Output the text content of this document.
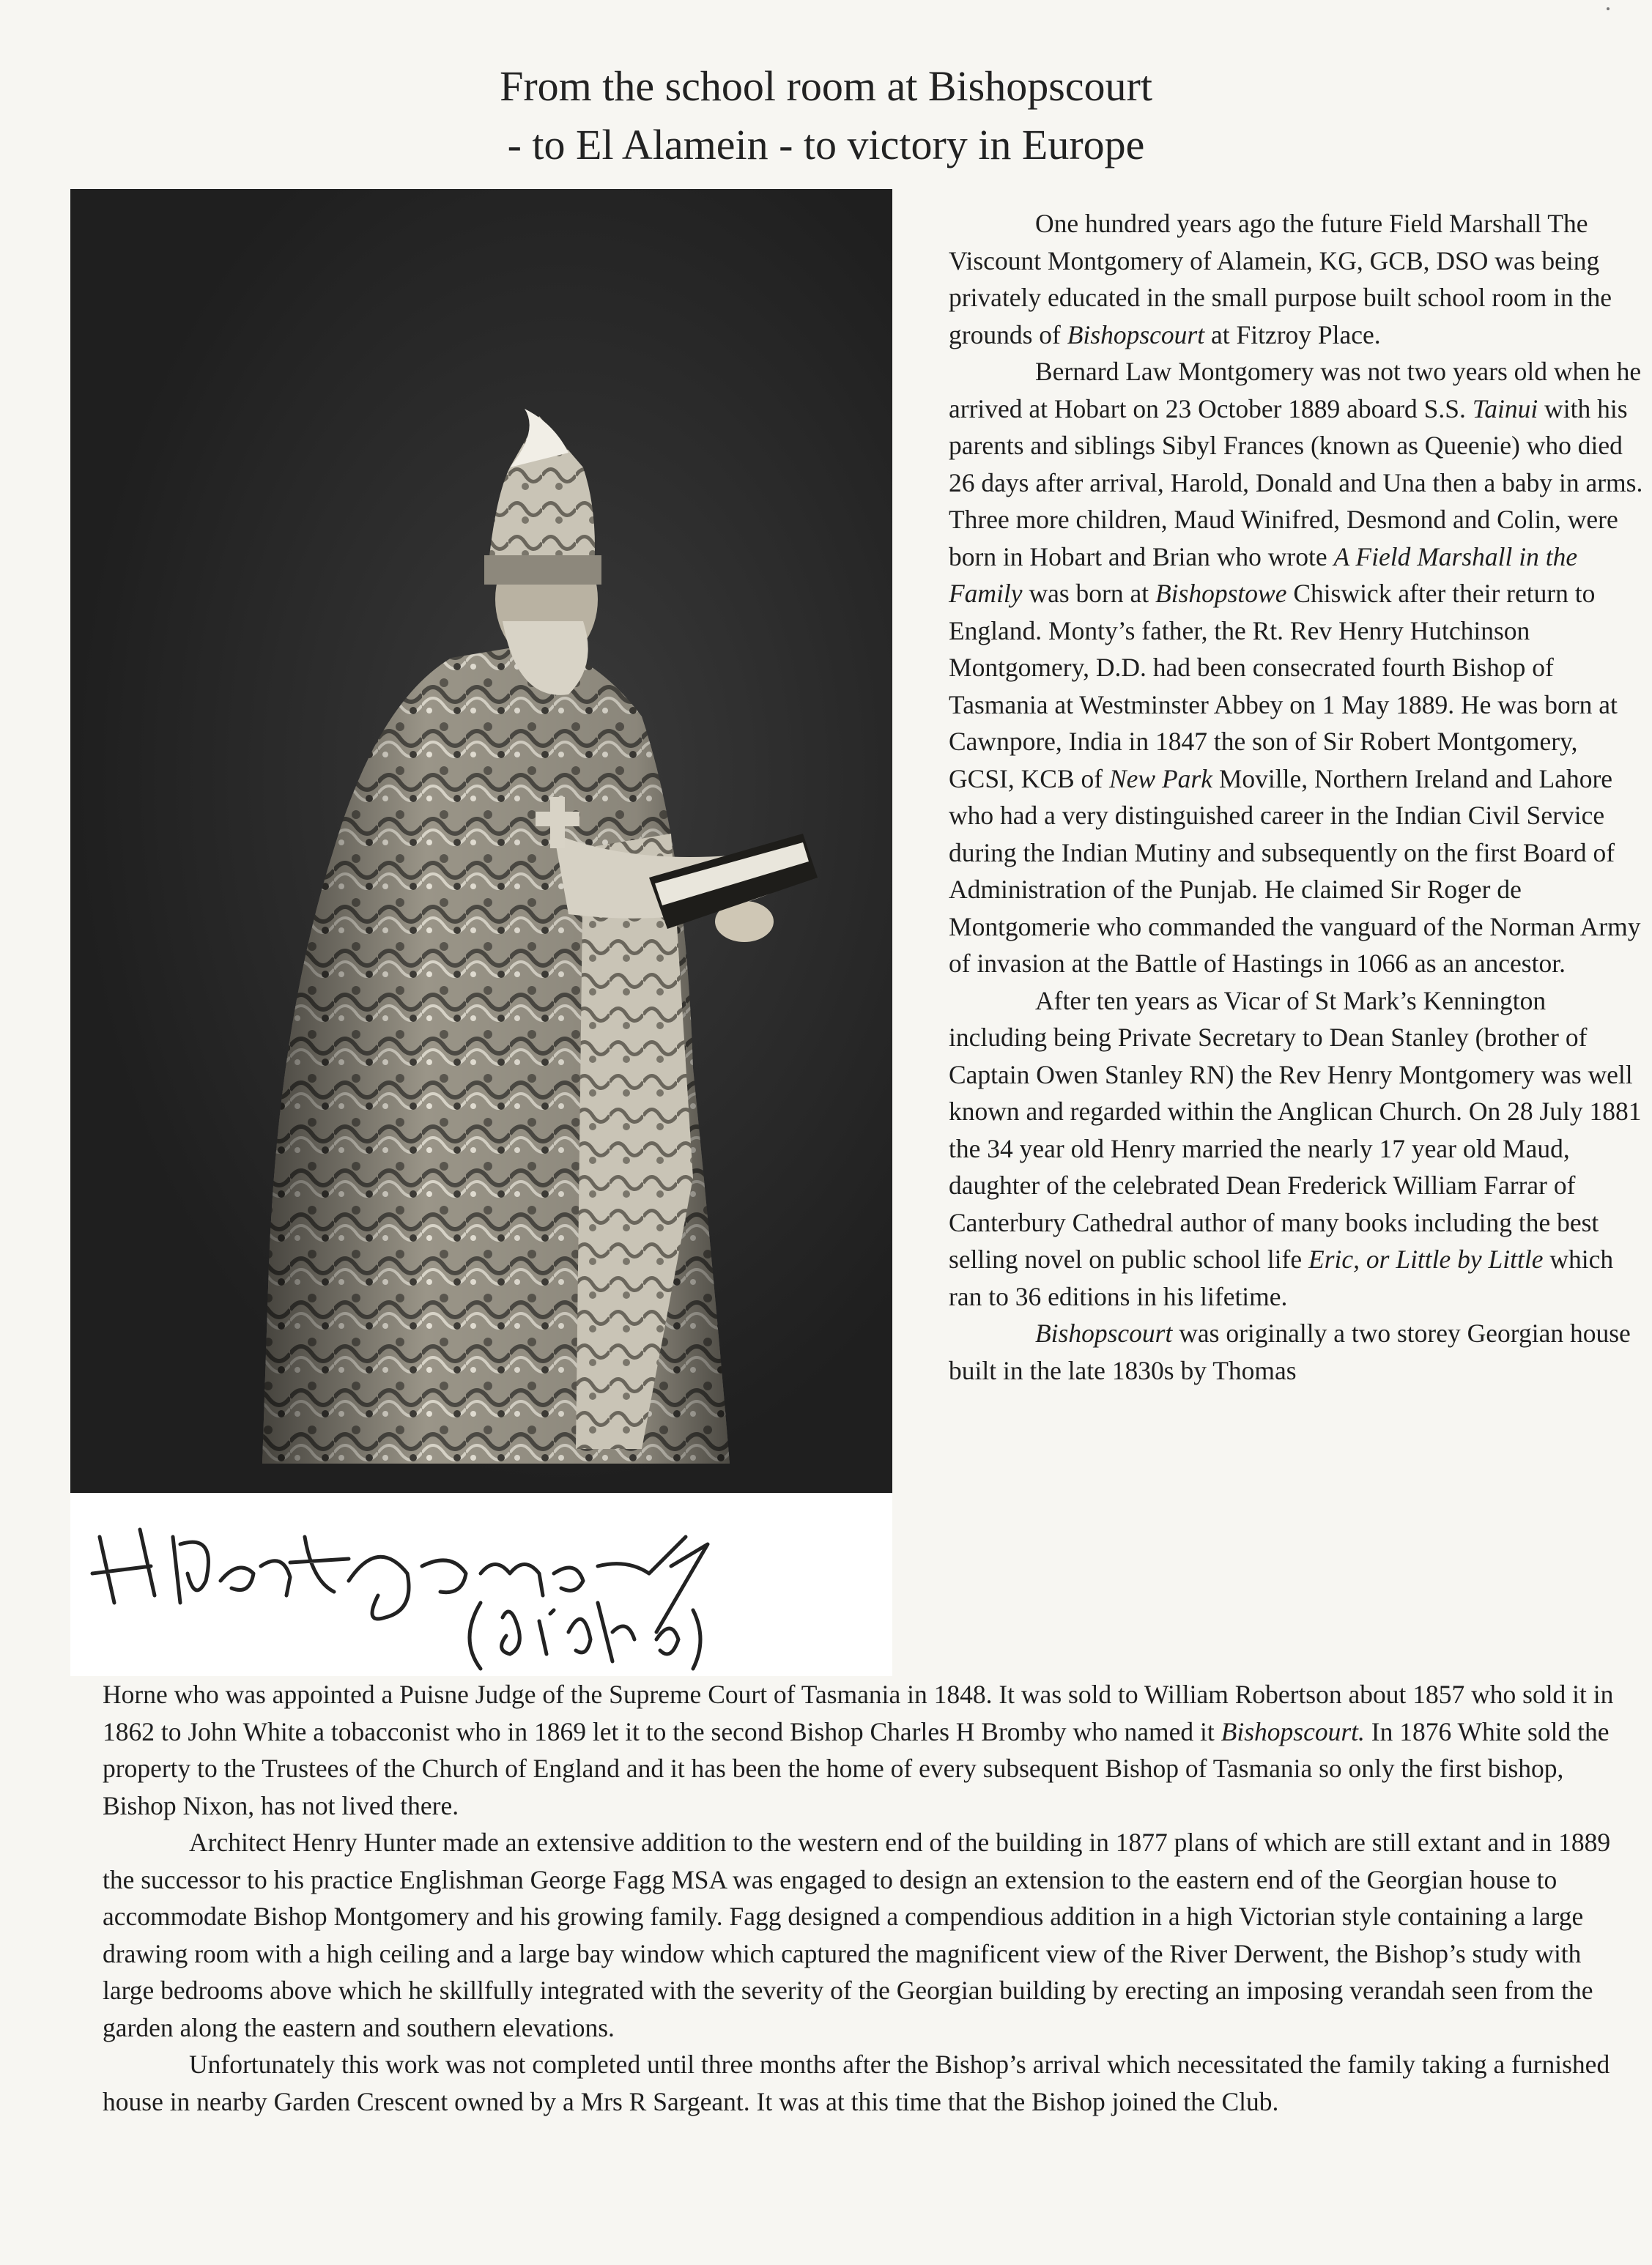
From the school room at Bishopscourt
- to El Alamein - to victory in Europe

One hundred years ago the future Field Marshall The Viscount Montgomery of Alamein, KG, GCB, DSO was being privately educated in the small purpose built school room in the grounds of Bishopscourt at Fitzroy Place.

Bernard Law Montgomery was not two years old when he arrived at Hobart on 23 October 1889 aboard S.S. Tainui with his parents and siblings Sibyl Frances (known as Queenie) who died 26 days after arrival, Harold, Donald and Una then a baby in arms. Three more children, Maud Winifred, Desmond and Colin, were born in Hobart and Brian who wrote A Field Marshall in the Family was born at Bishopstowe Chiswick after their return to England. Monty’s father, the Rt. Rev Henry Hutchinson Montgomery, D.D. had been consecrated fourth Bishop of Tasmania at Westminster Abbey on 1 May 1889. He was born at Cawnpore, India in 1847 the son of Sir Robert Montgomery, GCSI, KCB of New Park Moville, Northern Ireland and Lahore who had a very distinguished career in the Indian Civil Service during the Indian Mutiny and subsequently on the first Board of Administration of the Punjab. He claimed Sir Roger de Montgomerie who commanded the vanguard of the Norman Army of invasion at the Battle of Hastings in 1066 as an ancestor.

After ten years as Vicar of St Mark’s Kennington including being Private Secretary to Dean Stanley (brother of Captain Owen Stanley RN) the Rev Henry Montgomery was well known and regarded within the Anglican Church. On 28 July 1881 the 34 year old Henry married the nearly 17 year old Maud, daughter of the celebrated Dean Frederick William Farrar of Canterbury Cathedral author of many books including the best selling novel on public school life Eric, or Little by Little which ran to 36 editions in his lifetime.

Bishopscourt was originally a two storey Georgian house built in the late 1830s by Thomas

Horne who was appointed a Puisne Judge of the Supreme Court of Tasmania in 1848. It was sold to William Robertson about 1857 who sold it in 1862 to John White a tobacconist who in 1869 let it to the second Bishop Charles H Bromby who named it Bishopscourt. In 1876 White sold the property to the Trustees of the Church of England and it has been the home of every subsequent Bishop of Tasmania so only the first bishop, Bishop Nixon, has not lived there.

Architect Henry Hunter made an extensive addition to the western end of the building in 1877 plans of which are still extant and in 1889 the successor to his practice Englishman George Fagg MSA was engaged to design an extension to the eastern end of the Georgian house to accommodate Bishop Montgomery and his growing family. Fagg designed a compendious addition in a high Victorian style containing a large drawing room with a high ceiling and a large bay window which captured the magnificent view of the River Derwent, the Bishop’s study with large bedrooms above which he skillfully integrated with the severity of the Georgian building by erecting an imposing verandah seen from the garden along the eastern and southern elevations.

Unfortunately this work was not completed until three months after the Bishop’s arrival which necessitated the family taking a furnished house in nearby Garden Crescent owned by a Mrs R Sargeant. It was at this time that the Bishop joined the Club.
